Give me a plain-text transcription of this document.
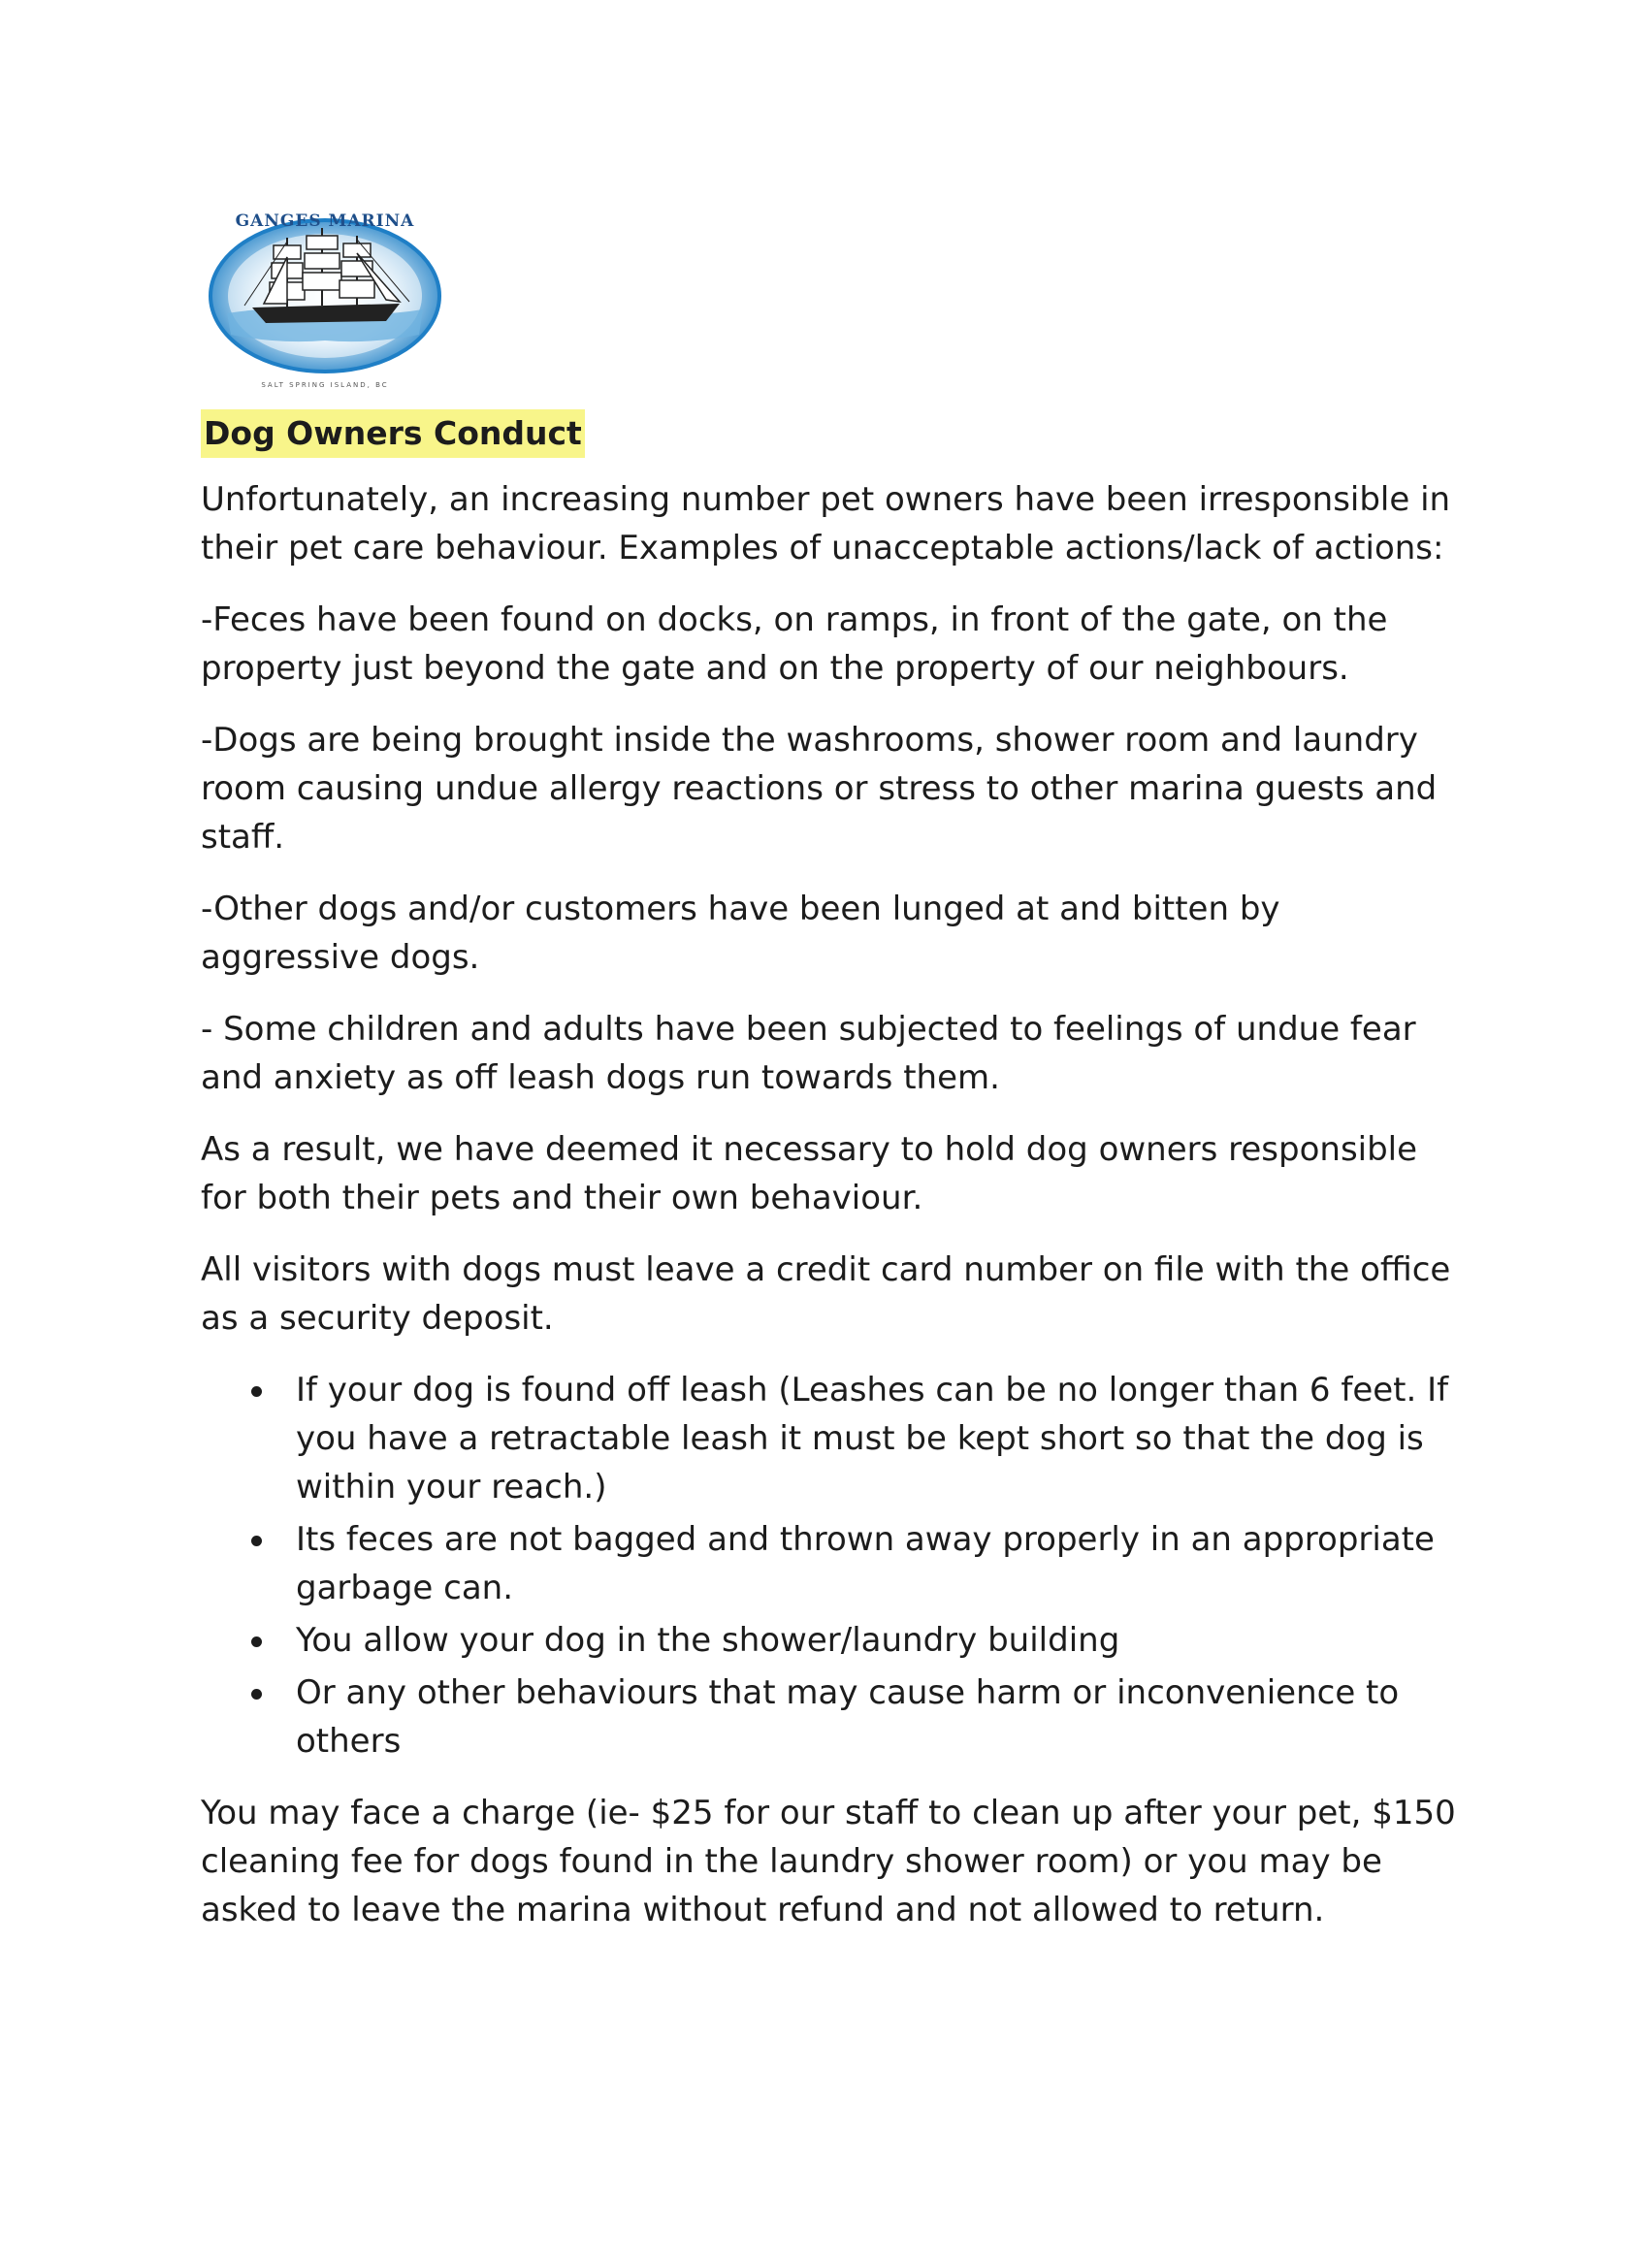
GANGES MARINA
SALT SPRING ISLAND, BC
Dog Owners Conduct

Unfortunately, an increasing number pet owners have been irresponsible in their pet care behaviour. Examples of unacceptable actions/lack of actions:

-Feces have been found on docks, on ramps, in front of the gate, on the property just beyond the gate and on the property of our neighbours.

-Dogs are being brought inside the washrooms, shower room and laundry room causing undue allergy reactions or stress to other marina guests and staff.

-Other dogs and/or customers have been lunged at and bitten by aggressive dogs.

- Some children and adults have been subjected to feelings of undue fear and anxiety as off leash dogs run towards them.

As a result, we have deemed it necessary to hold dog owners responsible for both their pets and their own behaviour.

All visitors with dogs must leave a credit card number on file with the office as a security deposit.

If your dog is found off leash (Leashes can be no longer than 6 feet. If you have a retractable leash it must be kept short so that the dog is within your reach.)
Its feces are not bagged and thrown away properly in an appropriate garbage can.
You allow your dog in the shower/laundry building
Or any other behaviours that may cause harm or inconvenience to others

You may face a charge (ie- $25 for our staff to clean up after your pet, $150 cleaning fee for dogs found in the laundry shower room) or you may be asked to leave the marina without refund and not allowed to return.
